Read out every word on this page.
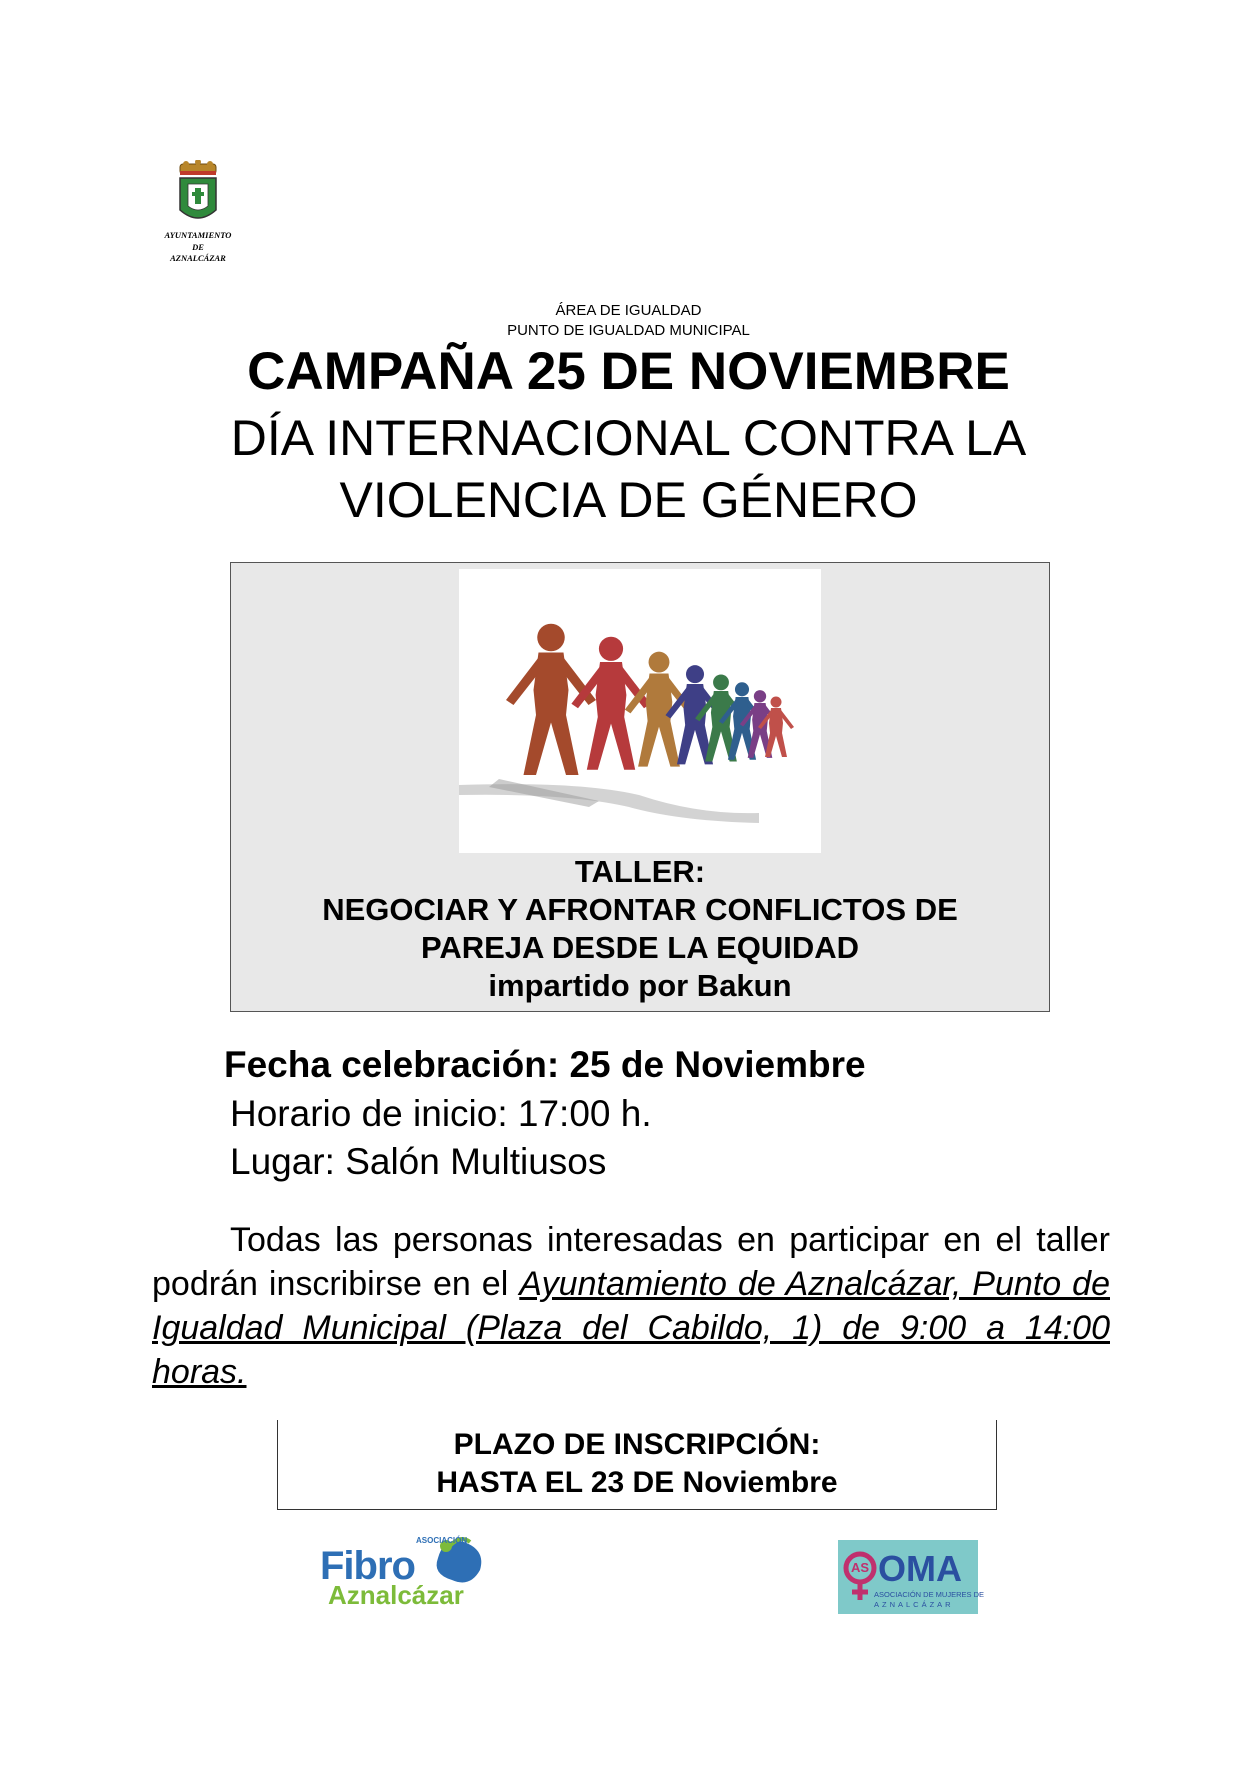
AYUNTAMIENTO
DE
AZNALCÁZAR
ÁREA DE IGUALDAD
PUNTO DE IGUALDAD MUNICIPAL
CAMPAÑA 25 DE NOVIEMBRE
DÍA INTERNACIONAL CONTRA LA
VIOLENCIA DE GÉNERO
TALLER:
NEGOCIAR Y AFRONTAR CONFLICTOS DE
PAREJA DESDE LA EQUIDAD
impartido por Bakun
Fecha celebración: 25 de Noviembre
Horario de inicio: 17:00 h.
Lugar: Salón Multiusos

Todas las personas interesadas en participar en el taller podrán inscribirse en el Ayuntamiento de Aznalcázar, Punto de Igualdad Municipal (Plaza del Cabildo, 1) de 9:00 a 14:00 horas.

PLAZO DE INSCRIPCIÓN:
HASTA EL 23 DE Noviembre
ASOCIACIÓN
Fibro
Aznalcázar
AS OMA
ASOCIACIÓN DE MUJERES DE
AZNALCÁZAR
